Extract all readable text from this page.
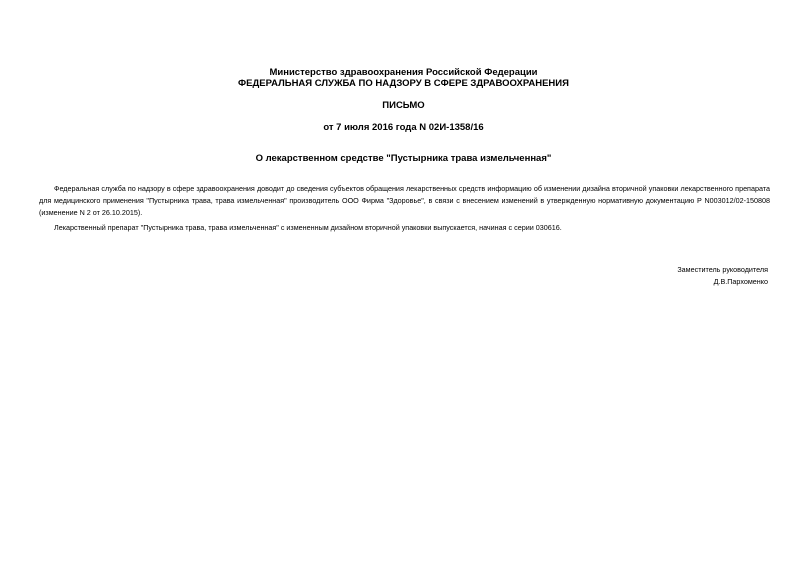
Министерство здравоохранения Российской Федерации
ФЕДЕРАЛЬНАЯ СЛУЖБА ПО НАДЗОРУ В СФЕРЕ ЗДРАВООХРАНЕНИЯ
ПИСЬМО
от 7 июля 2016 года N 02И-1358/16
О лекарственном средстве "Пустырника трава измельченная"
Федеральная служба по надзору в сфере здравоохранения доводит до сведения субъектов обращения лекарственных средств информацию об изменении дизайна вторичной упаковки лекарственного препарата для медицинского применения "Пустырника трава, трава измельченная" производитель ООО Фирма "Здоровье", в связи с внесением изменений в утвержденную нормативную документацию Р N003012/02-150808 (изменение N 2 от 26.10.2015).
Лекарственный препарат "Пустырника трава, трава измельченная" с измененным дизайном вторичной упаковки выпускается, начиная с серии 030616.
Заместитель руководителя
Д.В.Пархоменко
